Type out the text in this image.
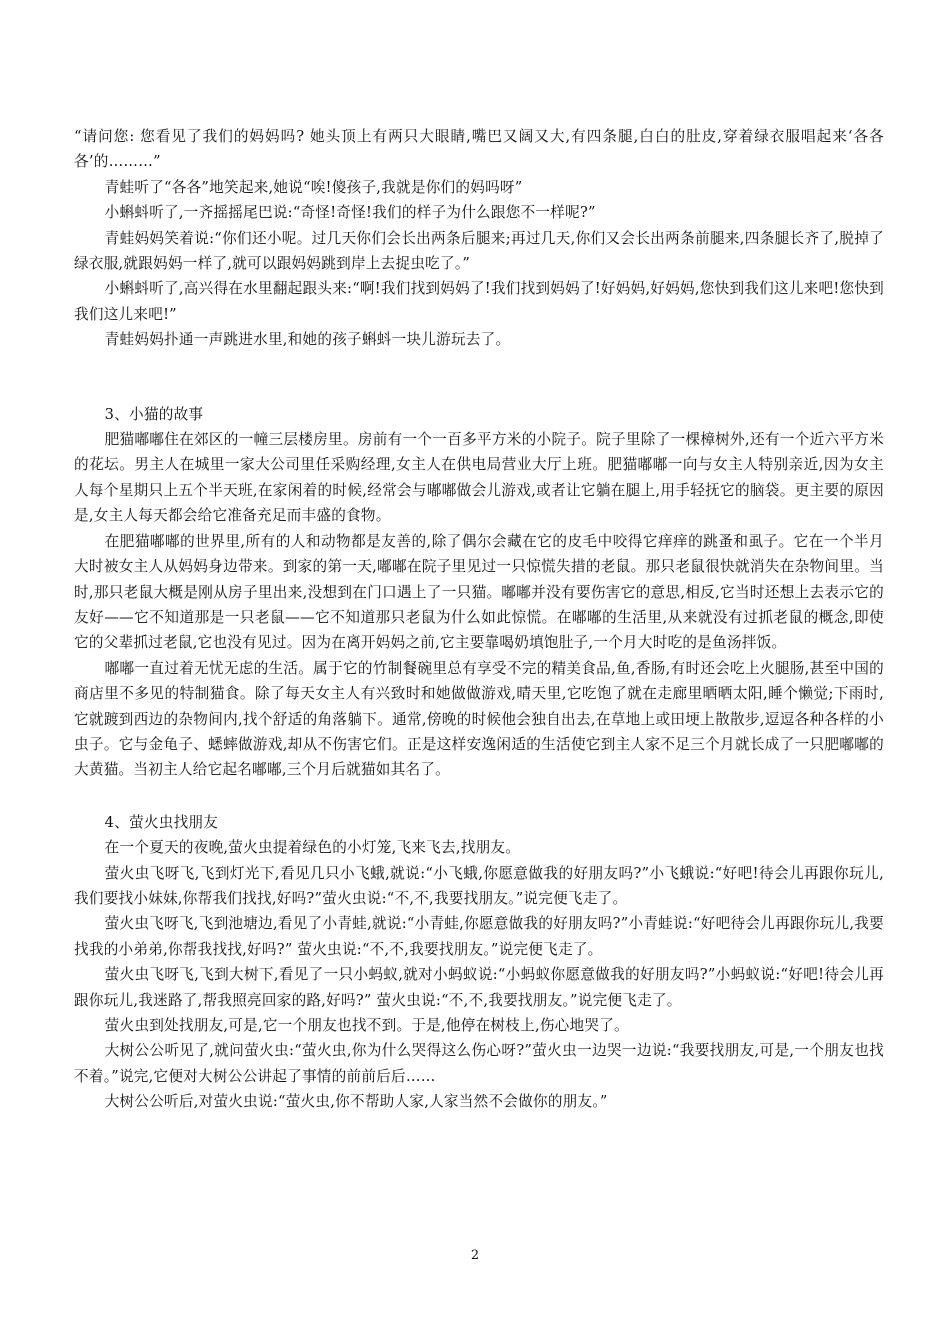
“请问您: 您看见了我们的妈妈吗? 她头顶上有两只大眼睛,嘴巴又阔又大,有四条腿,白白的肚皮,穿着绿衣服唱起来‘各各各’的………”

青蛙听了“各各”地笑起来,她说“唉!傻孩子,我就是你们的妈吗呀”

小蝌蚪听了,一齐摇摇尾巴说:“奇怪!奇怪!我们的样子为什么跟您不一样呢?”

青蛙妈妈笑着说:“你们还小呢。过几天你们会长出两条后腿来;再过几天,你们又会长出两条前腿来,四条腿长齐了,脱掉了绿衣服,就跟妈妈一样了,就可以跟妈妈跳到岸上去捉虫吃了。”

小蝌蚪听了,高兴得在水里翻起跟头来:“啊!我们找到妈妈了!我们找到妈妈了!好妈妈,好妈妈,您快到我们这儿来吧!您快到我们这儿来吧!”

青蛙妈妈扑通一声跳进水里,和她的孩子蝌蚪一块儿游玩去了。

3、小猫的故事

肥猫嘟嘟住在郊区的一幢三层楼房里。房前有一个一百多平方米的小院子。院子里除了一棵樟树外,还有一个近六平方米的花坛。男主人在城里一家大公司里任采购经理,女主人在供电局营业大厅上班。肥猫嘟嘟一向与女主人特别亲近,因为女主人每个星期只上五个半天班,在家闲着的时候,经常会与嘟嘟做会儿游戏,或者让它躺在腿上,用手轻抚它的脑袋。更主要的原因是,女主人每天都会给它准备充足而丰盛的食物。

在肥猫嘟嘟的世界里,所有的人和动物都是友善的,除了偶尔会藏在它的皮毛中咬得它痒痒的跳蚤和虱子。它在一个半月大时被女主人从妈妈身边带来。到家的第一天,嘟嘟在院子里见过一只惊慌失措的老鼠。那只老鼠很快就消失在杂物间里。当时,那只老鼠大概是刚从房子里出来,没想到在门口遇上了一只猫。嘟嘟并没有要伤害它的意思,相反,它当时还想上去表示它的友好——它不知道那是一只老鼠——它不知道那只老鼠为什么如此惊慌。在嘟嘟的生活里,从来就没有过抓老鼠的概念,即使它的父辈抓过老鼠,它也没有见过。因为在离开妈妈之前,它主要靠喝奶填饱肚子,一个月大时吃的是鱼汤拌饭。

嘟嘟一直过着无忧无虑的生活。属于它的竹制餐碗里总有享受不完的精美食品,鱼,香肠,有时还会吃上火腿肠,甚至中国的商店里不多见的特制猫食。除了每天女主人有兴致时和她做做游戏,晴天里,它吃饱了就在走廊里晒晒太阳,睡个懒觉;下雨时,它就踱到西边的杂物间内,找个舒适的角落躺下。通常,傍晚的时候他会独自出去,在草地上或田埂上散散步,逗逗各种各样的小虫子。它与金龟子、蟋蟀做游戏,却从不伤害它们。正是这样安逸闲适的生活使它到主人家不足三个月就长成了一只肥嘟嘟的大黄猫。当初主人给它起名嘟嘟,三个月后就猫如其名了。

4、萤火虫找朋友

在一个夏天的夜晚,萤火虫提着绿色的小灯笼,飞来飞去,找朋友。

萤火虫飞呀飞,飞到灯光下,看见几只小飞蛾,就说:“小飞蛾,你愿意做我的好朋友吗?”小飞蛾说:“好吧!待会儿再跟你玩儿,我们要找小妹妹,你帮我们找找,好吗?”萤火虫说:“不,不,我要找朋友。”说完便飞走了。

萤火虫飞呀飞,飞到池塘边,看见了小青蛙,就说:“小青蛙,你愿意做我的好朋友吗?”小青蛙说:“好吧待会儿再跟你玩儿,我要找我的小弟弟,你帮我找找,好吗?” 萤火虫说:“不,不,我要找朋友。”说完便飞走了。

萤火虫飞呀飞,飞到大树下,看见了一只小蚂蚁,就对小蚂蚁说:“小蚂蚁你愿意做我的好朋友吗?”小蚂蚁说:“好吧!待会儿再跟你玩儿,我迷路了,帮我照亮回家的路,好吗?” 萤火虫说:“不,不,我要找朋友。”说完便飞走了。

萤火虫到处找朋友,可是,它一个朋友也找不到。于是,他停在树枝上,伤心地哭了。

大树公公听见了,就问萤火虫:“萤火虫,你为什么哭得这么伤心呀?”萤火虫一边哭一边说:“我要找朋友,可是,一个朋友也找不着。”说完,它便对大树公公讲起了事情的前前后后……

大树公公听后,对萤火虫说:“萤火虫,你不帮助人家,人家当然不会做你的朋友。”

2
